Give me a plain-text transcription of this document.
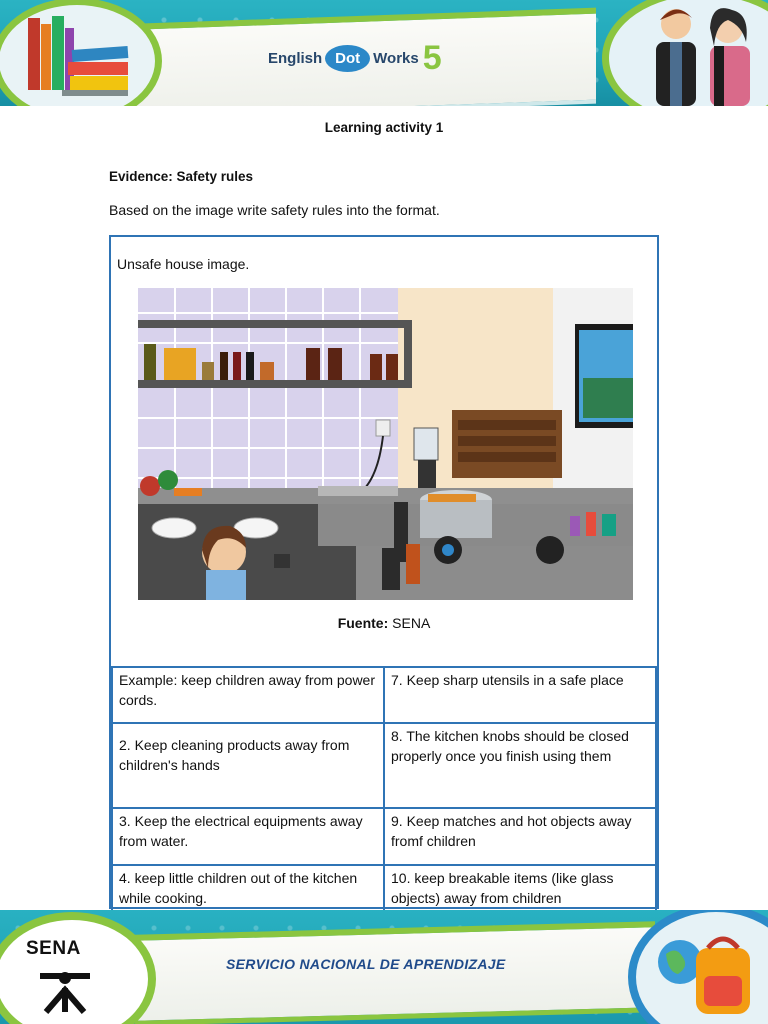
English Dot Works 5
Learning activity 1
Evidence: Safety rules
Based on the image write safety rules into the format.
Unsafe house image.
Fuente: SENA
Example: keep children away from power cords.	7. Keep sharp utensils in a safe place
2. Keep cleaning products away from children's hands	8. The kitchen knobs should be closed properly once you finish using them
3. Keep the electrical equipments away from water.	9. Keep matches and hot objects away fromf children
4. keep little children out of the kitchen while cooking.	10. keep breakable items (like glass objects) away from children
SENA
SERVICIO NACIONAL DE APRENDIZAJE
